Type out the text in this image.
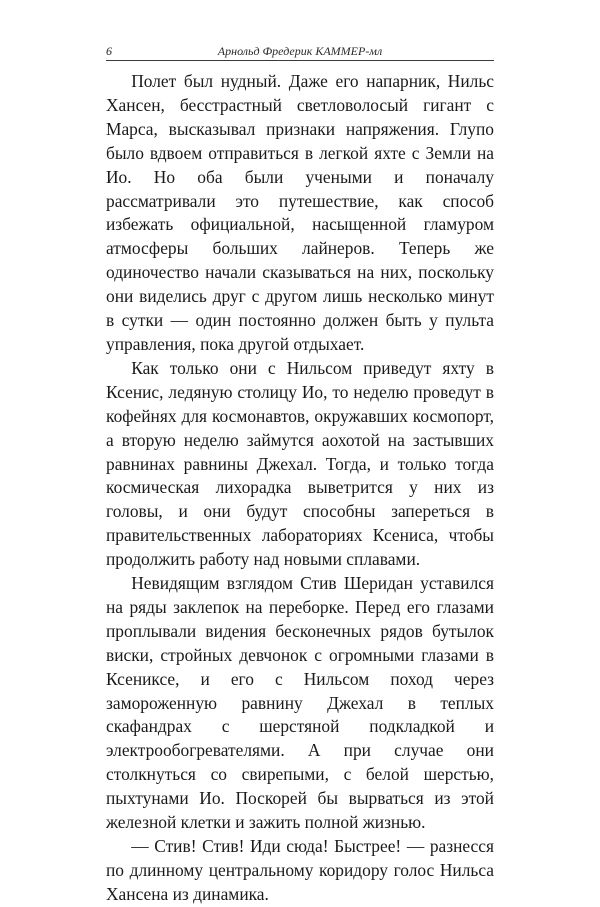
6	Арнольд Фредерик КАММЕР-мл

Полет был нудный. Даже его напарник, Нильс Хансен, бесстрастный светловолосый гигант с Марса, высказывал признаки напряжения. Глупо было вдвоем отправиться в легкой яхте с Земли на Ио. Но оба были учеными и поначалу рассматривали это путешествие, как способ избежать официальной, насыщенной гламуром атмосферы больших лайнеров. Теперь же одиночество начали сказываться на них, поскольку они виделись друг с другом лишь несколько минут в сутки — один постоянно должен быть у пульта управления, пока другой отдыхает.

Как только они с Нильсом приведут яхту в Ксенис, ледяную столицу Ио, то неделю проведут в кофейнях для космонавтов, окружавших космопорт, а вторую неделю займутся аохотой на застывших равнинах равнины Джехал. Тогда, и только тогда космическая лихорадка выветрится у них из головы, и они будут способны запереться в правительственных лабораториях Ксениса, чтобы продолжить работу над новыми сплавами.

Невидящим взглядом Стив Шеридан уставился на ряды заклепок на переборке. Перед его глазами проплывали видения бесконечных рядов бутылок виски, стройных девчонок с огромными глазами в Ксениксе, и его с Нильсом поход через замороженную равнину Джехал в теплых скафандрах с шерстяной подкладкой и электрообогревателями. А при случае они столкнуться со свирепыми, с белой шерстью, пыхтунами Ио. Поскорей бы вырваться из этой железной клетки и зажить полной жизнью.

— Стив! Стив! Иди сюда! Быстрее! — разнесся по длинному центральному коридору голос Нильса Хансена из динамика.
